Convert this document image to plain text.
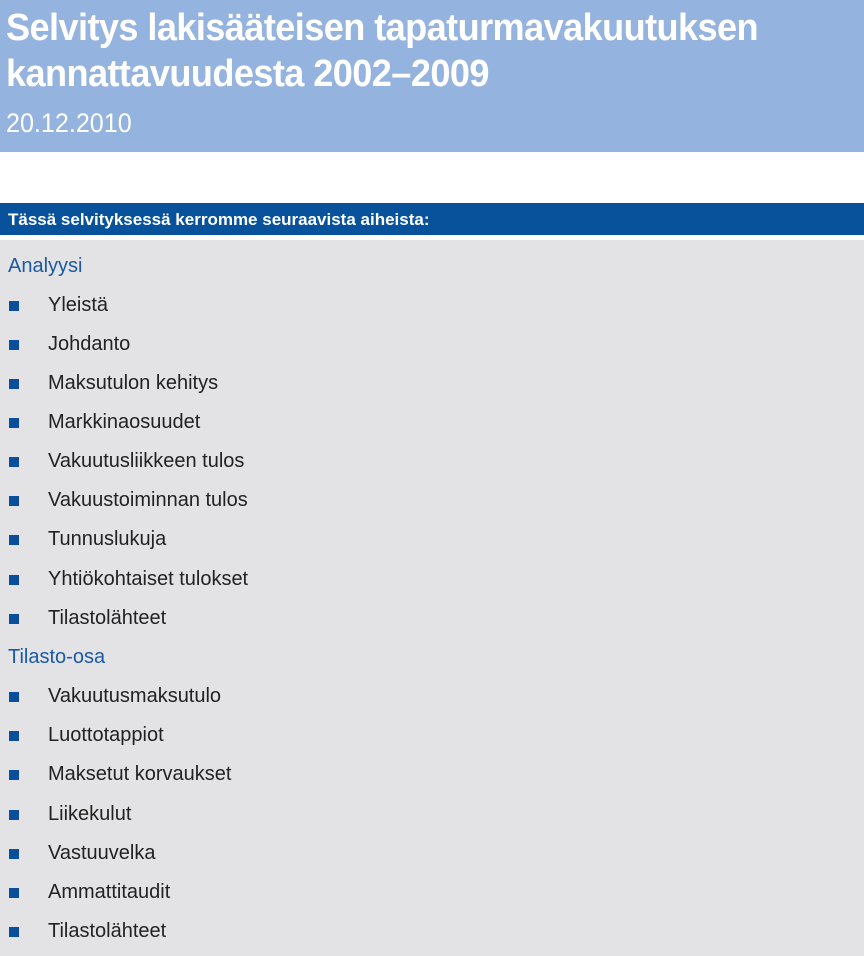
Selvitys lakisääteisen tapaturmavakuutuksen
kannattavuudesta 2002–2009
20.12.2010
Tässä selvityksessä kerromme seuraavista aiheista:
Analyysi
Yleistä
Johdanto
Maksutulon kehitys
Markkinaosuudet
Vakuutusliikkeen tulos
Vakuustoiminnan tulos
Tunnuslukuja
Yhtiökohtaiset tulokset
Tilastolähteet
Tilasto-osa
Vakuutusmaksutulo
Luottotappiot
Maksetut korvaukset
Liikekulut
Vastuuvelka
Ammattitaudit
Tilastolähteet
